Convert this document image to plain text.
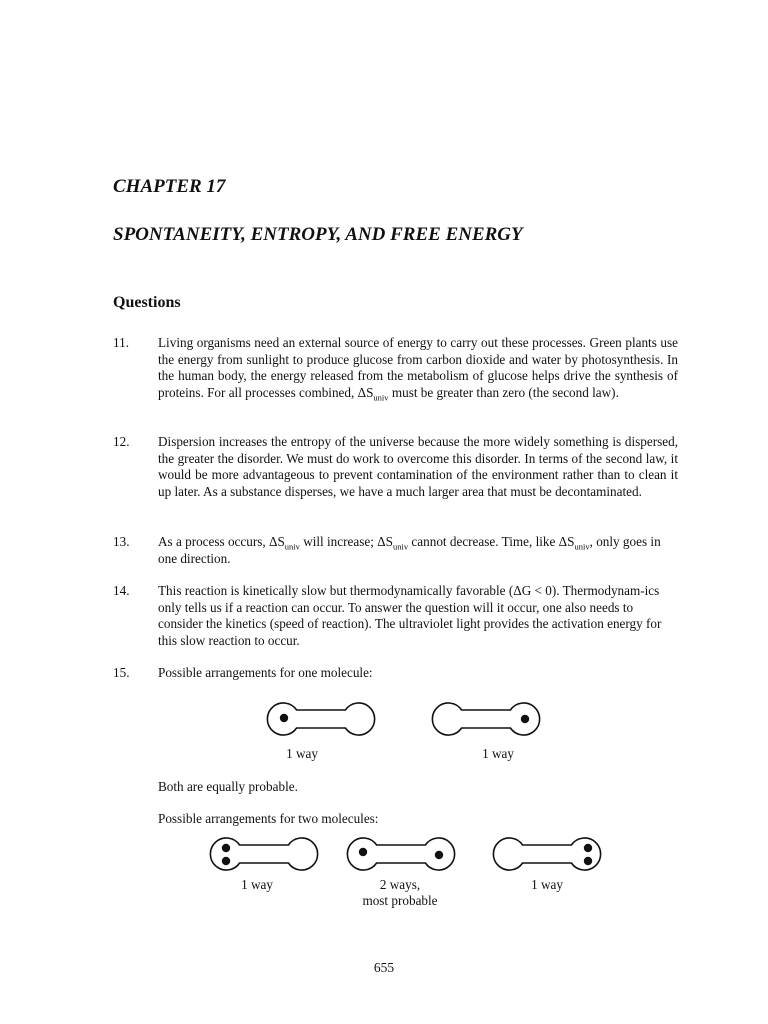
CHAPTER 17
SPONTANEITY, ENTROPY, AND FREE ENERGY
Questions
11. Living organisms need an external source of energy to carry out these processes. Green plants use the energy from sunlight to produce glucose from carbon dioxide and water by photosynthesis. In the human body, the energy released from the metabolism of glucose helps drive the synthesis of proteins. For all processes combined, $\Delta S_{univ}$ must be greater than zero (the second law).
12. Dispersion increases the entropy of the universe because the more widely something is dispersed, the greater the disorder. We must do work to overcome this disorder. In terms of the second law, it would be more advantageous to prevent contamination of the environment rather than to clean it up later. As a substance disperses, we have a much larger area that must be decontaminated.
13. As a process occurs, $\Delta S_{univ}$ will increase; $\Delta S_{univ}$ cannot decrease. Time, like $\Delta S_{univ}$, only goes in one direction.
14. This reaction is kinetically slow but thermodynamically favorable (ΔG < 0). Thermodynam-ics only tells us if a reaction can occur. To answer the question will it occur, one also needs to consider the kinetics (speed of reaction). The ultraviolet light provides the activation energy for this slow reaction to occur.
15. Possible arrangements for one molecule:
1 way	1 way
Both are equally probable.
Possible arrangements for two molecules:
1 way	2 ways,
most probable
1 way
655
